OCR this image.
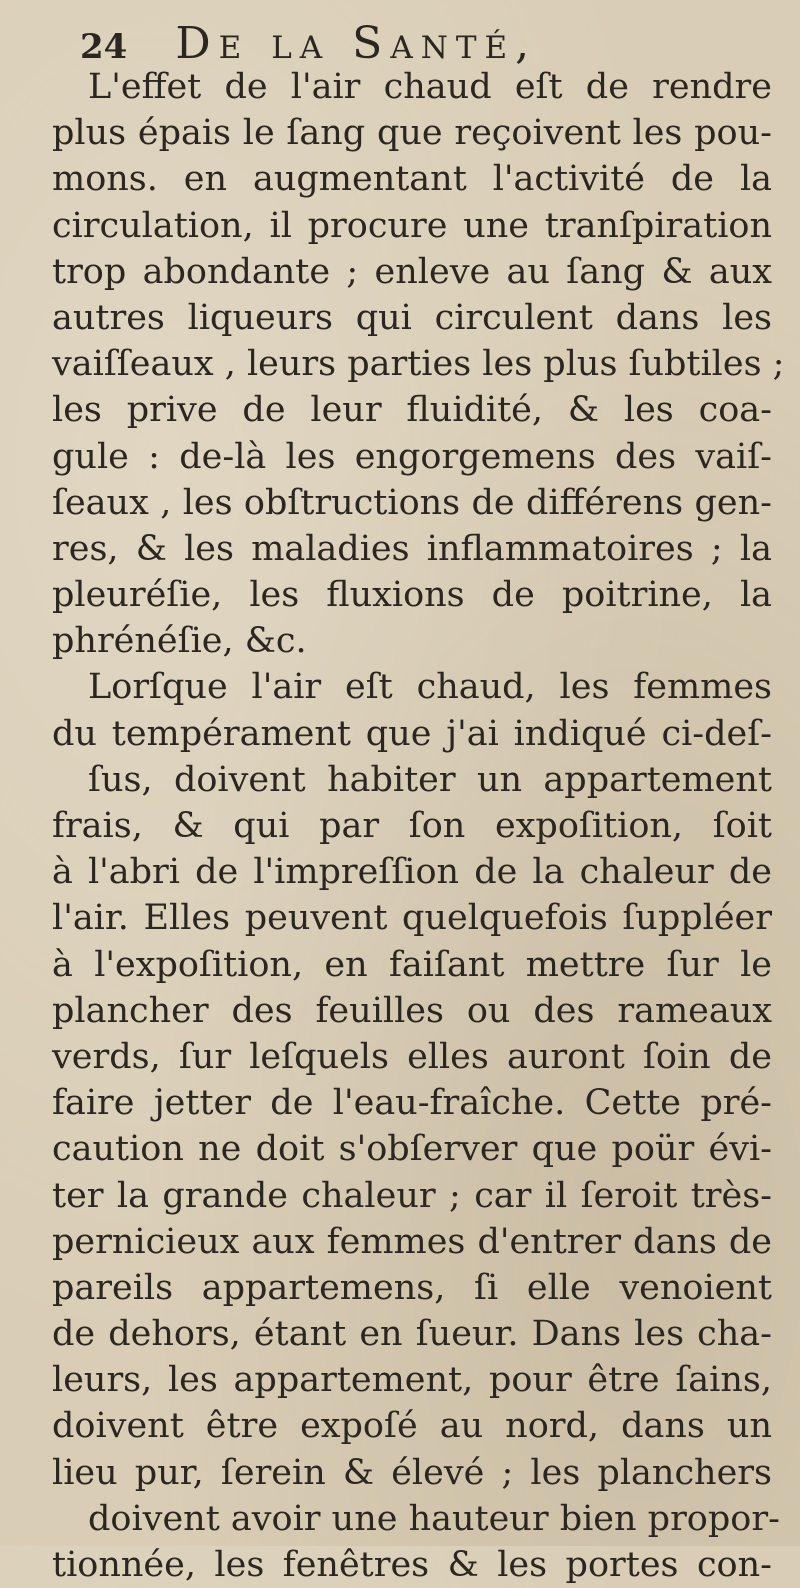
24 De la Santé,
L'effet de l'air chaud eſt de rendre
plus épais le ſang que reçoivent les pou-
mons. en augmentant l'activité de la
circulation, il procure une tranſpiration
trop abondante ; enleve au ſang & aux
autres liqueurs qui circulent dans les
vaiſſeaux , leurs parties les plus ſubtiles ;
les prive de leur fluidité, & les coa-
gule : de-là les engorgemens des vaiſ-
ſeaux , les obſtructions de différens gen-
res, & les maladies inflammatoires ; la
pleuréſie, les fluxions de poitrine, la
phrénéſie, &c.
Lorſque l'air eſt chaud, les femmes
du tempérament que j'ai indiqué ci-deſ-
ſus, doivent habiter un appartement
frais, & qui par ſon expoſition, ſoit
à l'abri de l'impreſſion de la chaleur de
l'air. Elles peuvent quelquefois ſuppléer
à l'expoſition, en faiſant mettre ſur le
plancher des feuilles ou des rameaux
verds, ſur leſquels elles auront ſoin de
faire jetter de l'eau-fraîche. Cette pré-
caution ne doit s'obſerver que poür évi-
ter la grande chaleur ; car il ſeroit très-
pernicieux aux femmes d'entrer dans de
pareils appartemens, ſi elle venoient
de dehors, étant en ſueur. Dans les cha-
leurs, les appartement, pour être ſains,
doivent être expoſé au nord, dans un
lieu pur, ſerein & élevé ; les planchers
doivent avoir une hauteur bien propor-
tionnée, les fenêtres & les portes con-
